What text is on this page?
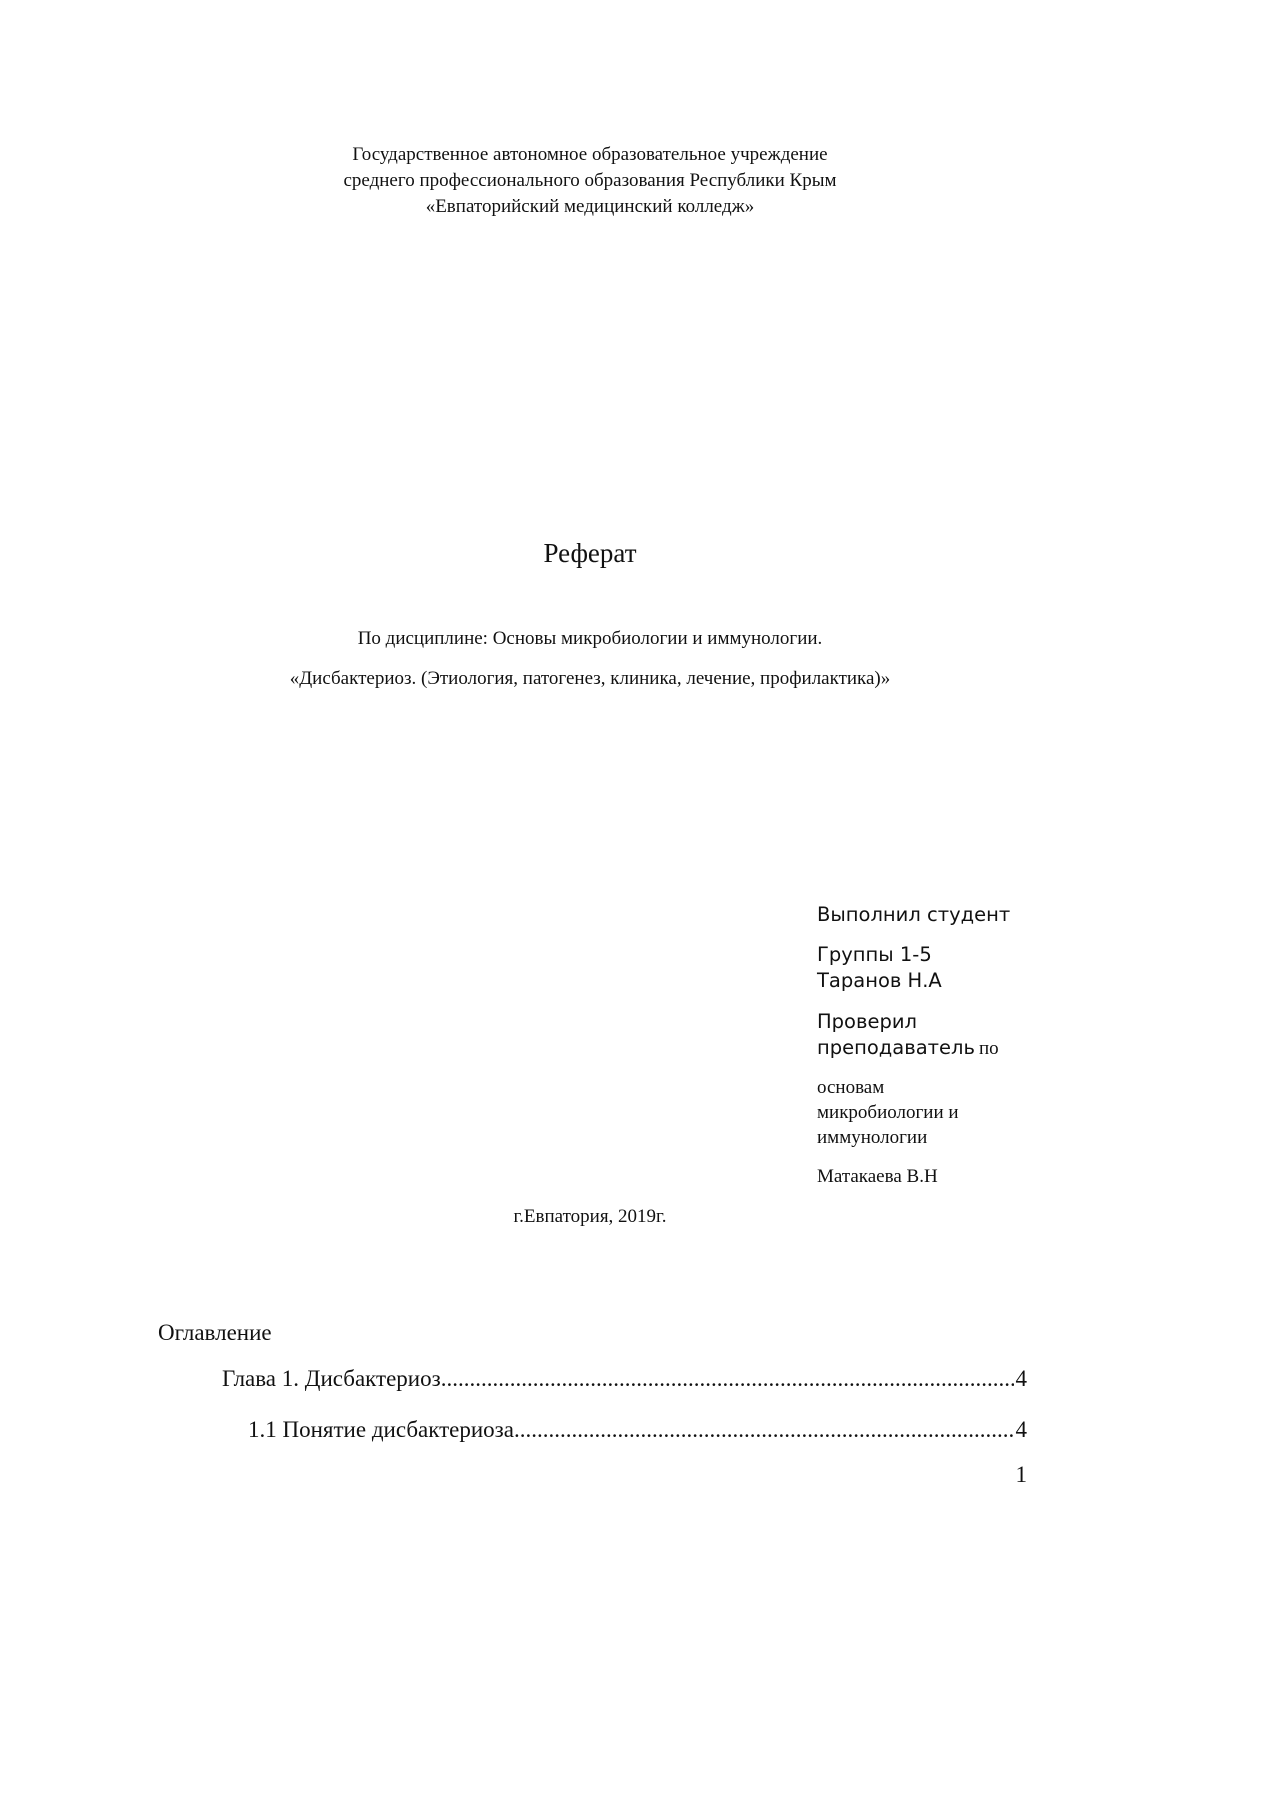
Государственное автономное образовательное учреждение
среднего профессионального образования Республики Крым
«Евпаторийский медицинский колледж»
Реферат
По дисциплине: Основы микробиологии и иммунологии.
«Дисбактериоз. (Этиология, патогенез, клиника, лечение, профилактика)»
Выполнил студент
Группы 1-5
Таранов Н.А
Проверил
преподаватель по
основам
микробиологии и
иммунологии
Матакаева В.Н
г.Евпатория, 2019г.
Оглавление
Глава 1. Дисбактериоз .....	4
1.1 Понятие дисбактериоза .....	4
1
